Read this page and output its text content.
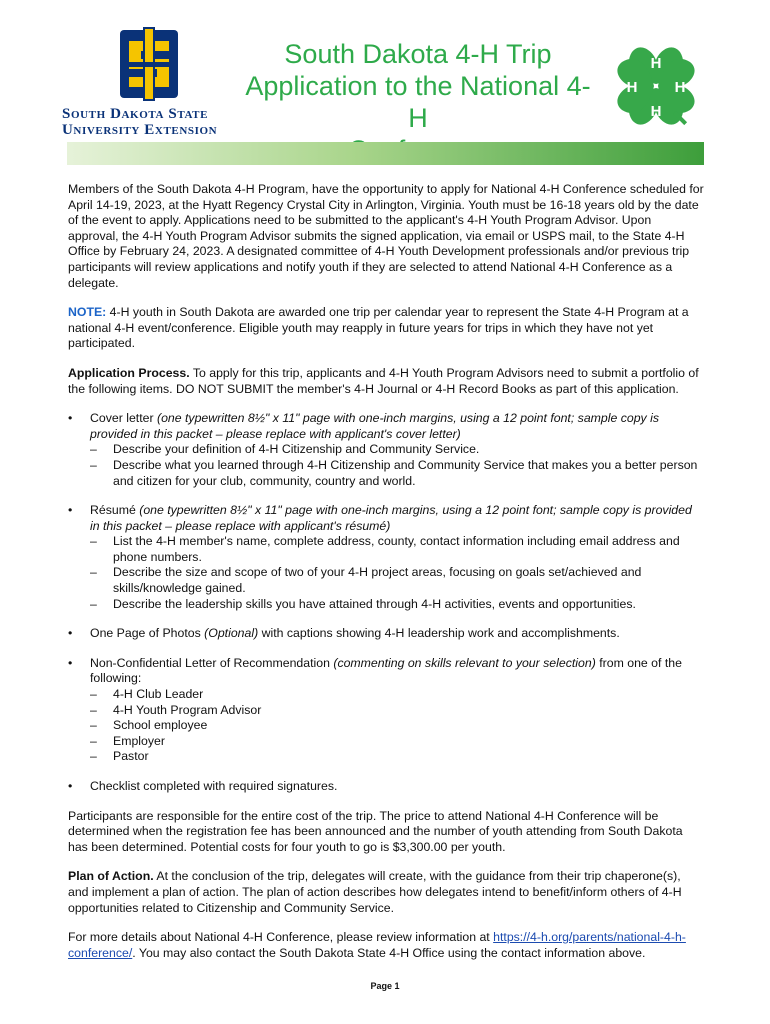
South Dakota State
University Extension
South Dakota 4-H Trip
Application to the National 4-H
H
H
H H

Members of the South Dakota 4-H Program, have the opportunity to apply for National 4-H Conference scheduled for April 14-19, 2023, at the Hyatt Regency Crystal City in Arlington, Virginia. Youth must be 16-18 years old by the date of the event to apply. Applications need to be submitted to the applicant's 4-H Youth Program Advisor. Upon approval, the 4-H Youth Program Advisor submits the signed application, via email or USPS mail, to the State 4-H Office by February 24, 2023. A designated committee of 4-H Youth Development professionals and/or previous trip participants will review applications and notify youth if they are selected to attend National 4-H Conference as a delegate.

NOTE: 4-H youth in South Dakota are awarded one trip per calendar year to represent the State 4-H Program at a national 4-H event/conference. Eligible youth may reapply in future years for trips in which they have not yet participated.

Application Process. To apply for this trip, applicants and 4-H Youth Program Advisors need to submit a portfolio of the following items. DO NOT SUBMIT the member's 4-H Journal or 4-H Record Books as part of this application.

• Cover letter (one typewritten 8½" x 11" page with one-inch margins, using a 12 point font; sample copy is provided in this packet – please replace with applicant's cover letter)
– Describe your definition of 4-H Citizenship and Community Service.
– Describe what you learned through 4-H Citizenship and Community Service that makes you a better person and citizen for your club, community, country and world.
• Résumé (one typewritten 8½" x 11" page with one-inch margins, using a 12 point font; sample copy is provided in this packet – please replace with applicant's résumé)
– List the 4-H member's name, complete address, county, contact information including email address and phone numbers.
– Describe the size and scope of two of your 4-H project areas, focusing on goals set/achieved and skills/knowledge gained.
– Describe the leadership skills you have attained through 4-H activities, events and opportunities.
• One Page of Photos (Optional) with captions showing 4-H leadership work and accomplishments.
• Non-Confidential Letter of Recommendation (commenting on skills relevant to your selection) from one of the following:
– 4-H Club Leader
– 4-H Youth Program Advisor
– School employee
– Employer
– Pastor
• Checklist completed with required signatures.

Participants are responsible for the entire cost of the trip. The price to attend National 4-H Conference will be determined when the registration fee has been announced and the number of youth attending from South Dakota has been determined. Potential costs for four youth to go is $3,300.00 per youth.

Plan of Action. At the conclusion of the trip, delegates will create, with the guidance from their trip chaperone(s), and implement a plan of action. The plan of action describes how delegates intend to benefit/inform others of 4-H opportunities related to Citizenship and Community Service.

For more details about National 4-H Conference, please review information at https://4-h.org/parents/national-4-h-conference/. You may also contact the South Dakota State 4-H Office using the contact information above.

Page 1
